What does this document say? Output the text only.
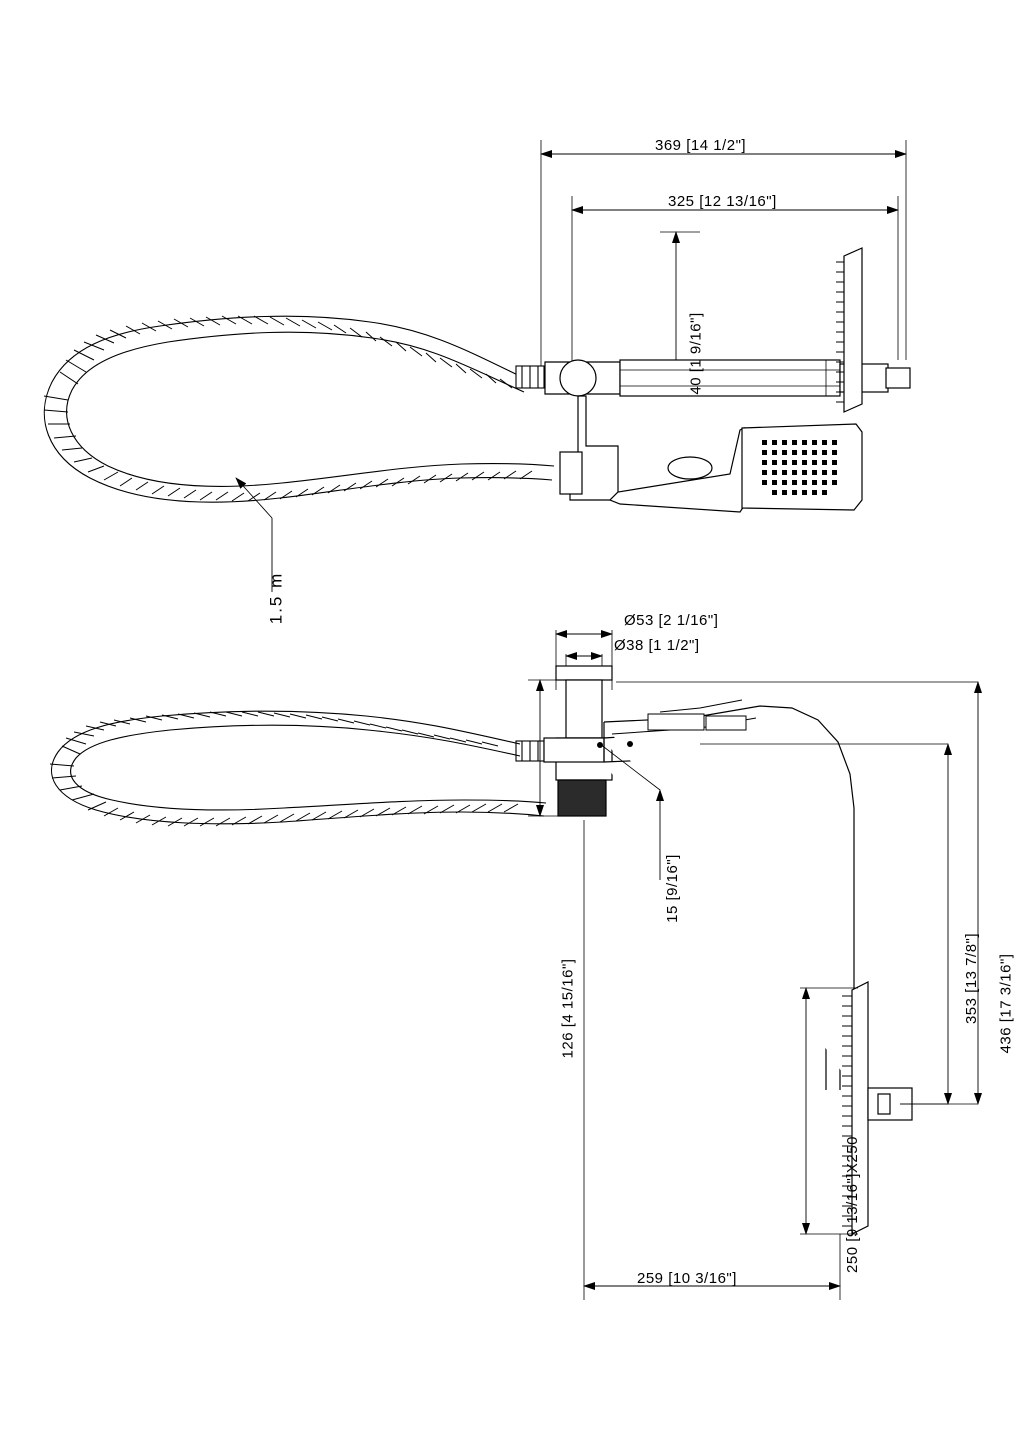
369 [14 1/2"]
325 [12 13/16"]
40 [1 9/16"]
1.5 m	Ø53 [2 1/16"]
Ø38 [1 1/2"]
126 [4 15/16"]
15 [9/16"]
436 [17 3/16"]
353 [13 7/8"]
250 [9 13/16"]X250
259 [10 3/16"]
